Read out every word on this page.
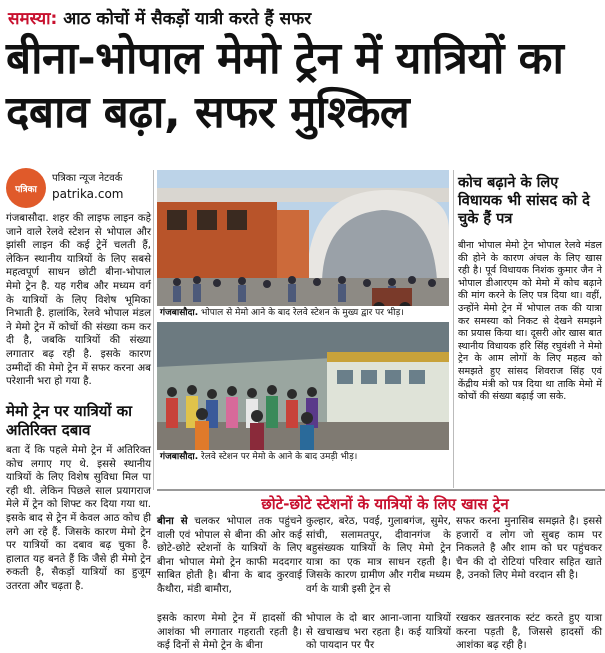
समस्या: आठ कोचों में सैकड़ों यात्री करते हैं सफर
बीना-भोपाल मेमो ट्रेन में यात्रियों का दबाव बढ़ा, सफर मुश्किल
पत्रिका
पत्रिका न्यूज नेटवर्क
patrika.com
गंजबासौदा. शहर की लाइफ लाइन कहे जाने वाले रेलवे स्टेशन से भोपाल और झांसी लाइन की कई ट्रेनें चलती हैं, लेकिन स्थानीय यात्रियों के लिए सबसे महत्वपूर्ण साधन छोटी बीना-भोपाल मेमो ट्रेन है. यह गरीब और मध्यम वर्ग के यात्रियों के लिए विशेष भूमिका निभाती है. हालांकि, रेलवे भोपाल मंडल ने मेमो ट्रेन में कोचों की संख्या कम कर दी है, जबकि यात्रियों की संख्या लगातार बढ़ रही है. इसके कारण उम्मीदों की मेमो ट्रेन में सफर करना अब परेशानी भरा हो गया है.
मेमो ट्रेन पर यात्रियों का अतिरिक्त दबाव
बता दें कि पहले मेमो ट्रेन में अतिरिक्त कोच लगाए गए थे. इससे स्थानीय यात्रियों के लिए विशेष सुविधा मिल पा रही थी. लेकिन पिछले साल प्रयागराज मेले में ट्रेन को शिफ्ट कर दिया गया था. इसके बाद से ट्रेन में केवल आठ कोच ही लगे आ रहे हैं. जिसके कारण मेमो ट्रेन पर यात्रियों का दबाव बढ़ चुका है. हालात यह बनते हैं कि जैसे ही मेमो ट्रेन रुकती है, सैकड़ों यात्रियों का हुजूम उतरता और चढ़ता है.
गंजबासौदा. भोपाल से मेमो आने के बाद रेलवे स्टेशन के मुख्य द्वार पर भीड़।
गंजबासौदा. रेलवे स्टेशन पर मेमो के आने के बाद उमड़ी भीड़।
कोच बढ़ाने के लिए विधायक भी सांसद को दे चुके हैं पत्र
बीना भोपाल मेमो ट्रेन भोपाल रेलवे मंडल की होने के कारण अंचल के लिए खास रही है। पूर्व विधायक निशंक कुमार जैन ने भोपाल डीआरएम को मेमो में कोच बढ़ाने की मांग करने के लिए पत्र दिया था। वहीं, उन्होंने मेमो ट्रेन में भोपाल तक की यात्रा कर समस्या को निकट से देखने समझने का प्रयास किया था। दूसरी ओर खास बात स्थानीय विधायक हरि सिंह रघुवंशी ने मेमो ट्रेन के आम लोगों के लिए महत्व को समझते हुए सांसद शिवराज सिंह एवं केंद्रीय मंत्री को पत्र दिया था ताकि मेमो में कोचों की संख्या बढ़ाई जा सके.
छोटे-छोटे स्टेशनों के यात्रियों के लिए खास ट्रेन
बीना से चलकर भोपाल तक पहुंचने वाली एवं भोपाल से बीना की ओर कई छोटे-छोटे स्टेशनों के यात्रियों के लिए बीना भोपाल मेमो ट्रेन काफी मददगार साबित होती है। बीना के बाद कुरवाई कैथौरा, मंडी बामौरा,
कुल्हार, बरेठ, पवई, गुलाबगंज, सुमेर, सांची, सलामतपुर, दीवानगंज के बहुसंख्यक यात्रियों के लिए मेमो ट्रेन यात्रा का एक मात्र साधन रहती है। जिसके कारण ग्रामीण और गरीब मध्यम वर्ग के यात्री इसी ट्रेन से
सफर करना मुनासिब समझते है। इससे हजारों व लोग जो सुबह काम पर निकलते है और शाम को घर पहुंचकर चैन की दो रोटियां परिवार सहित खाते है, उनको लिए मेमो वरदान सी है।
इसके कारण मेमो ट्रेन में हादसों की आशंका भी लगातार गहराती रहती है। कई दिनों से मेमो ट्रेन के बीना
भोपाल के दो बार आना-जाना यात्रियों से खचाखच भरा रहता है। कई यात्रियों को पायदान पर पैर
रखकर खतरनाक स्टंट करते हुए यात्रा करना पड़ती है, जिससे हादसों की आशंका बढ़ रही है।
